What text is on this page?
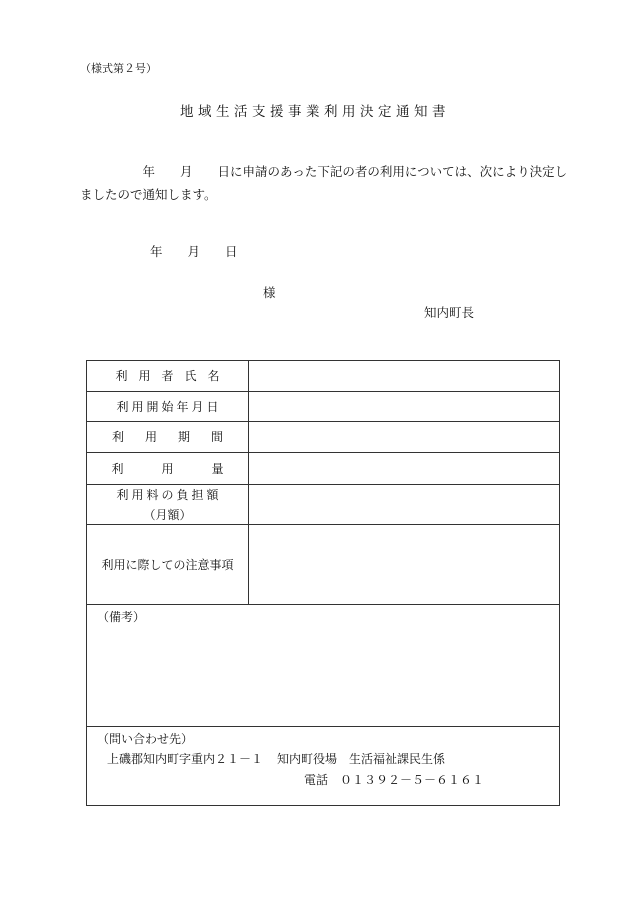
（様式第２号）
地域生活支援事業利用決定通知書
　　　　　年　　月　　日に申請のあった下記の者の利用については、次により決定し
ましたので通知します。
年　　月　　日
様
知内町長
利用者氏名
利用開始年月日
利用期間
利用量
利用料の負担額
（月額）
利用に際しての注意事項
（備考）
（問い合わせ先）
上磯郡知内町字重内２１－１ 知内町役場　生活福祉課民生係
電話　０１３９２－５－６１６１
